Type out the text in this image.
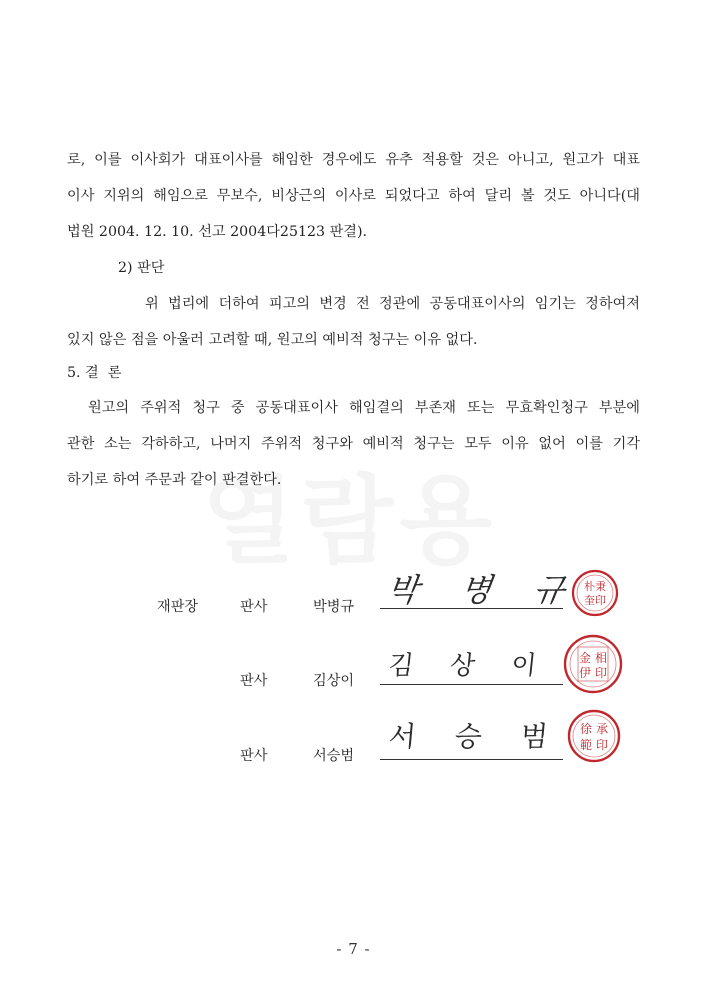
로, 이를 이사회가 대표이사를 해임한 경우에도 유추 적용할 것은 아니고, 원고가 대표
이사 지위의 해임으로 무보수, 비상근의 이사로 되었다고 하여 달리 볼 것도 아니다(대
법원 2004. 12. 10. 선고 2004다25123 판결).
2) 판단
위 법리에 더하여 피고의 변경 전 정관에 공동대표이사의 임기는 정하여져
있지 않은 점을 아울러 고려할 때, 원고의 예비적 청구는 이유 없다.
5. 결  론
원고의 주위적 청구 중 공동대표이사 해임결의 부존재 또는 무효확인청구 부분에
관한 소는 각하하고, 나머지 주위적 청구와 예비적 청구는 모두 이유 없어 이를 기각
하기로 하여 주문과 같이 판결한다.
재판장	판사	박병규 박 병 규 朴秉
奎印
판사	김상이
김 상 이 金 相
伊 印
판사	서승범
서 승 범 徐 承
範 印
- 7 -
